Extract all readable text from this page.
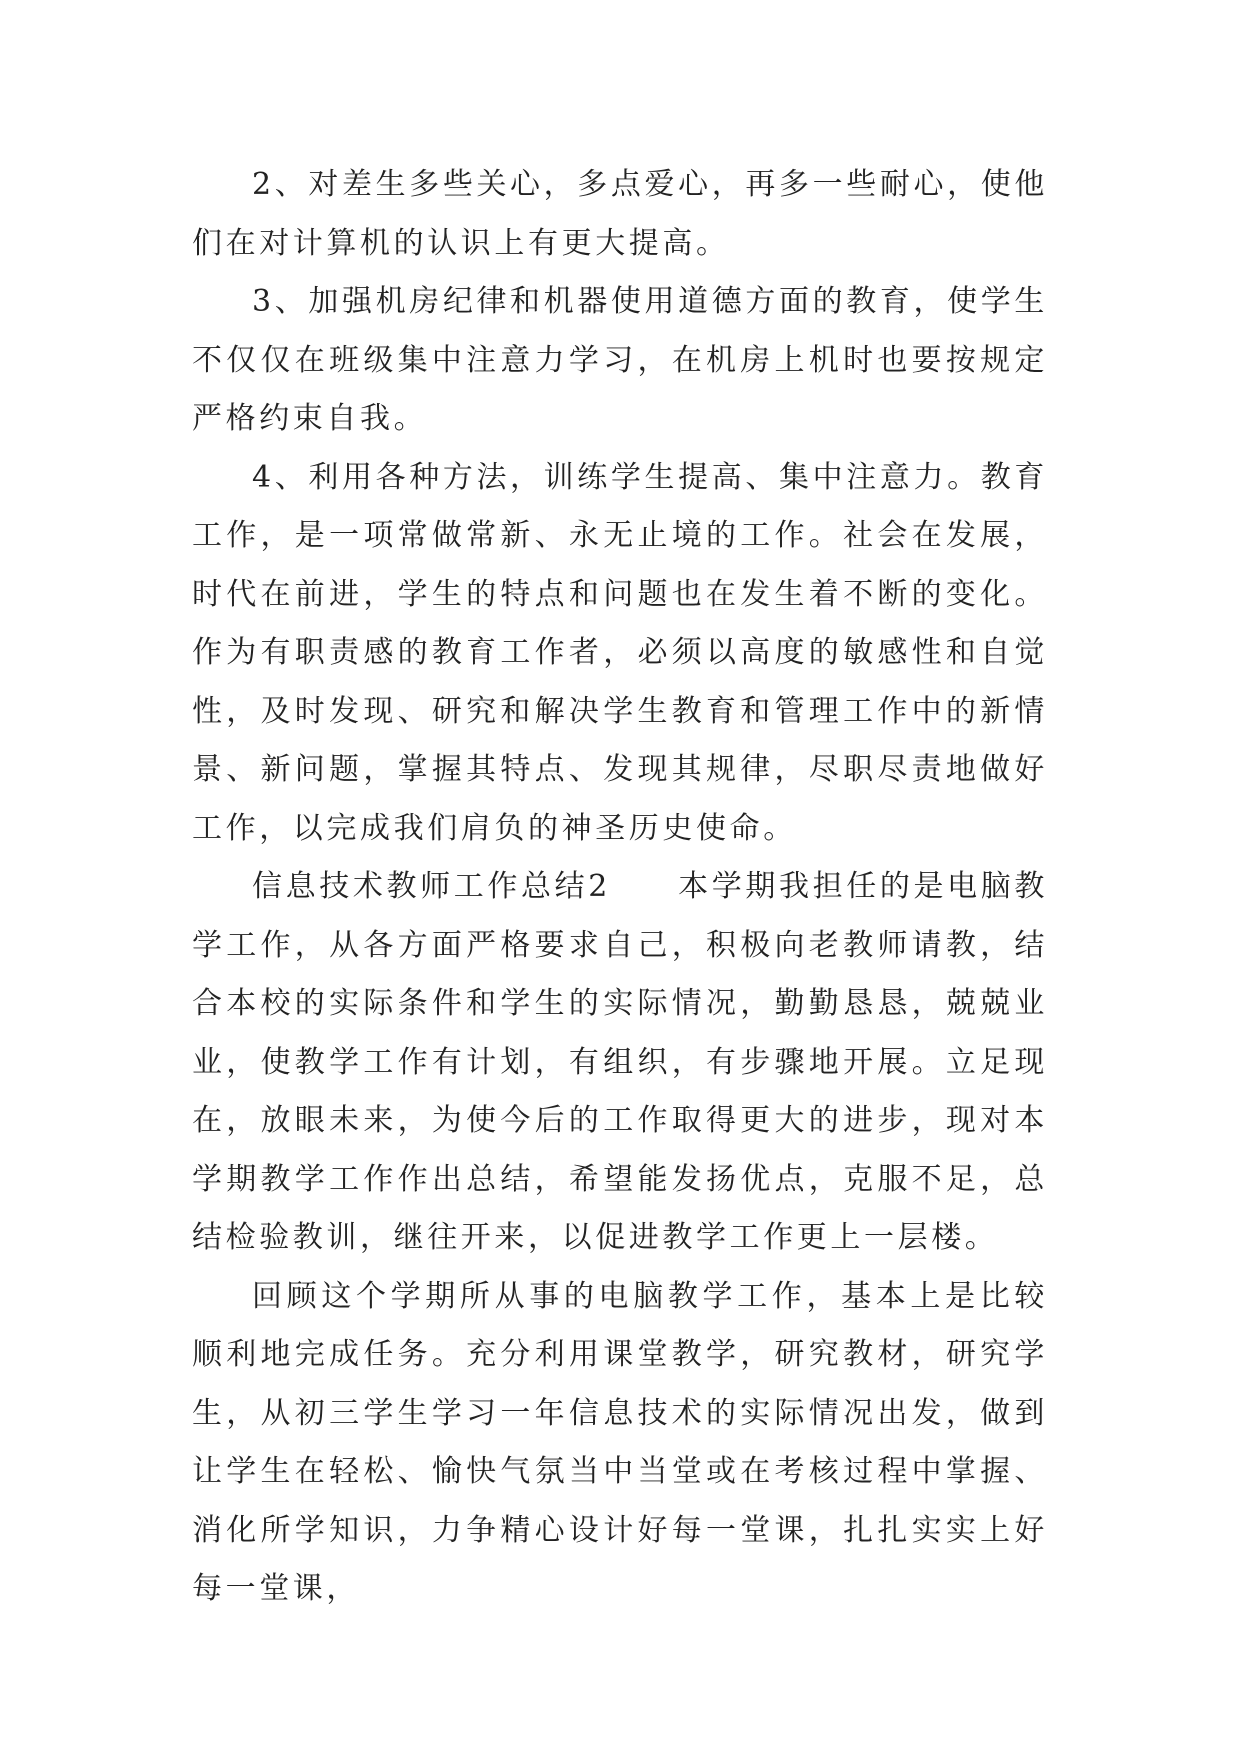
2、对差生多些关心，多点爱心，再多一些耐心，使他们在对计算机的认识上有更大提高。

3、加强机房纪律和机器使用道德方面的教育，使学生不仅仅在班级集中注意力学习，在机房上机时也要按规定严格约束自我。

4、利用各种方法，训练学生提高、集中注意力。教育工作，是一项常做常新、永无止境的工作。社会在发展，时代在前进，学生的特点和问题也在发生着不断的变化。作为有职责感的教育工作者，必须以高度的敏感性和自觉性，及时发现、研究和解决学生教育和管理工作中的新情景、新问题，掌握其特点、发现其规律，尽职尽责地做好工作，以完成我们肩负的神圣历史使命。

信息技术教师工作总结2　　本学期我担任的是电脑教学工作，从各方面严格要求自己，积极向老教师请教，结合本校的实际条件和学生的实际情况，勤勤恳恳，兢兢业业，使教学工作有计划，有组织，有步骤地开展。立足现在，放眼未来，为使今后的工作取得更大的进步，现对本学期教学工作作出总结，希望能发扬优点，克服不足，总结检验教训，继往开来，以促进教学工作更上一层楼。

回顾这个学期所从事的电脑教学工作，基本上是比较顺利地完成任务。充分利用课堂教学，研究教材，研究学生，从初三学生学习一年信息技术的实际情况出发，做到让学生在轻松、愉快气氛当中当堂或在考核过程中掌握、消化所学知识，力争精心设计好每一堂课，扎扎实实上好每一堂课，
